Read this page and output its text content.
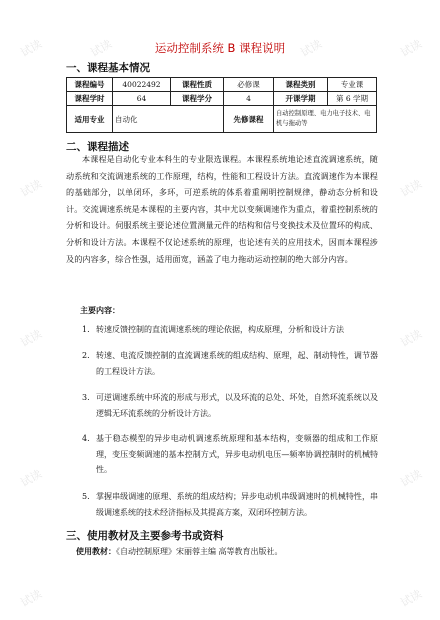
试读	试读	试读	试读
试读	试读
试读	试读
试读	试读
试读	试读
运动控制系统 B 课程说明
一、课程基本情况
课程编号	40022492	课程性质	必修课	课程类别	专业课
课程学时	64	课程学分	4	开课学期	第 6 学期
适用专业	自动化		先修课程	自动控制原理、电力电子技术、电机与拖动等	
二、课程描述
本课程是自动化专业本科生的专业限选课程。本课程系统地论述直流调速系统，随动系统和交流调速系统的工作原理，结构，性能和工程设计方法。直流调速作为本课程的基础部分，以单闭环，多环，可逆系统的体系着重阐明控制规律，静动态分析和设计。交流调速系统是本课程的主要内容，其中尤以变频调速作为重点，着重控制系统的分析和设计。伺服系统主要论述位置测量元件的结构和信号变换技术及位置环的构成、分析和设计方法。本课程不仅论述系统的原理，也论述有关的应用技术，因而本课程涉及的内容多，综合性强，适用面宽，涵盖了电力拖动运动控制的绝大部分内容。
主要内容：
1. 转速反馈控制的直流调速系统的理论依据，构成原理，分析和设计方法
2. 转速、电流反馈控制的直流调速系统的组成结构、原理，起、制动特性，调节器的工程设计方法。
3. 可逆调速系统中环流的形成与形式，以及环流的总处、坏处，自然环流系统以及逻辑无环流系统的分析设计方法。
4. 基于稳态模型的异步电动机调速系统原理和基本结构，变频器的组成和工作原理，变压变频调速的基本控制方式，异步电动机电压—频率协调控制时的机械特性。
5. 掌握串级调速的原理、系统的组成结构；异步电动机串级调速时的机械特性，串级调速系统的技术经济指标及其提高方案，双闭环控制方法。
三、使用教材及主要参考书或资料
使用教材：《自动控制原理》宋丽蓉主编 高等教育出版社。
